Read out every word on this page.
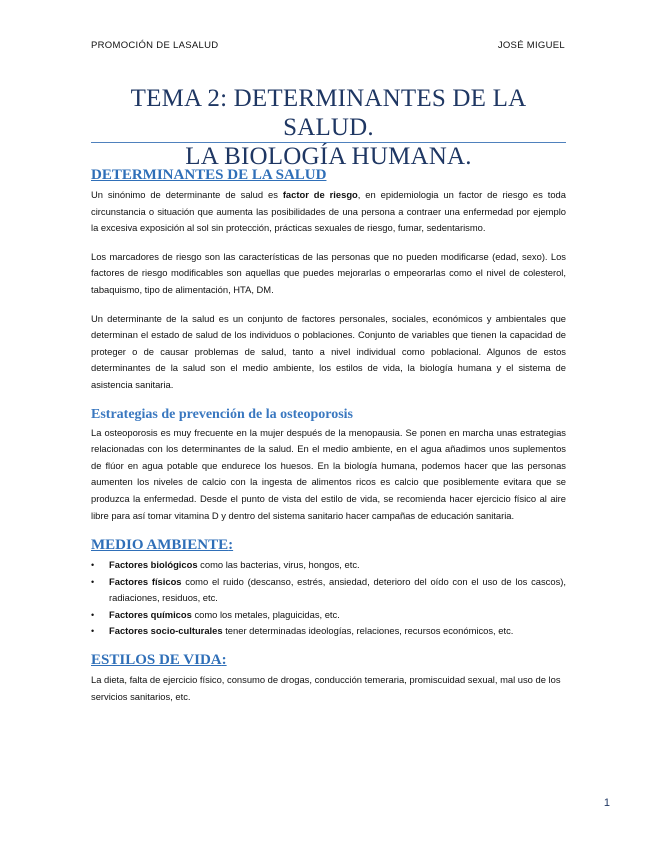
PROMOCIÓN DE LASALUD	JOSÉ MIGUEL
TEMA 2: DETERMINANTES DE LA SALUD.
LA BIOLOGÍA HUMANA.
DETERMINANTES DE LA SALUD

Un sinónimo de determinante de salud es factor de riesgo, en epidemiologia un factor de riesgo es toda circunstancia o situación que aumenta las posibilidades de una persona a contraer una enfermedad por ejemplo la excesiva exposición al sol sin protección, prácticas sexuales de riesgo, fumar, sedentarismo.

Los marcadores de riesgo son las características de las personas que no pueden modificarse (edad, sexo). Los factores de riesgo modificables son aquellas que puedes mejorarlas o empeorarlas como el nivel de colesterol, tabaquismo, tipo de alimentación, HTA, DM.

Un determinante de la salud es un conjunto de factores personales, sociales, económicos y ambientales que determinan el estado de salud de los individuos o poblaciones. Conjunto de variables que tienen la capacidad de proteger o de causar problemas de salud, tanto a nivel individual como poblacional. Algunos de estos determinantes de la salud son el medio ambiente, los estilos de vida, la biología humana y el sistema de asistencia sanitaria.

Estrategias de prevención de la osteoporosis

La osteoporosis es muy frecuente en la mujer después de la menopausia. Se ponen en marcha unas estrategias relacionadas con los determinantes de la salud. En el medio ambiente, en el agua añadimos unos suplementos de flúor en agua potable que endurece los huesos. En la biología humana, podemos hacer que las personas aumenten los niveles de calcio con la ingesta de alimentos ricos es calcio que posiblemente evitara que se produzca la enfermedad. Desde el punto de vista del estilo de vida, se recomienda hacer ejercicio físico al aire libre para así tomar vitamina D y dentro del sistema sanitario hacer campañas de educación sanitaria.

MEDIO AMBIENTE:
• Factores biológicos como las bacterias, virus, hongos, etc.
• Factores físicos como el ruido (descanso, estrés, ansiedad, deterioro del oído con el uso de los cascos), radiaciones, residuos, etc.
• Factores químicos como los metales, plaguicidas, etc.
• Factores socio-culturales tener determinadas ideologías, relaciones, recursos económicos, etc.
ESTILOS DE VIDA:

La dieta, falta de ejercicio físico, consumo de drogas, conducción temeraria, promiscuidad sexual, mal uso de los servicios sanitarios, etc.

1
